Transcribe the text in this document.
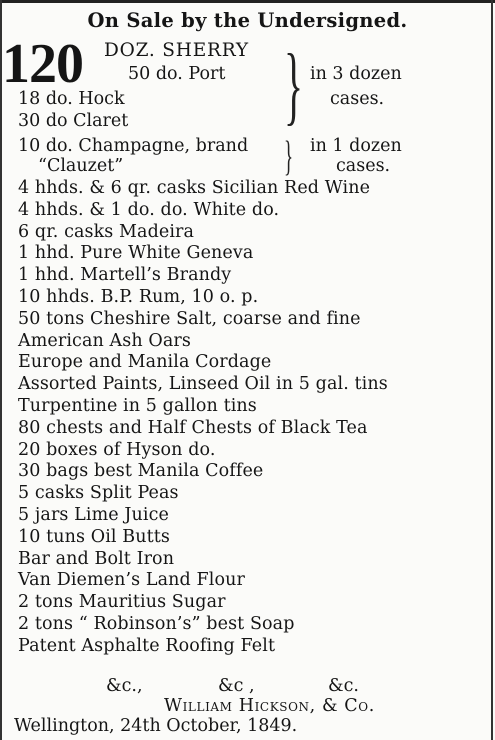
On Sale by the Undersigned.
120 DOZ. SHERRY
50 do. Port
18 do. Hock
30 do Claret } in 3 dozen
cases.
10 do. Champagne, brand
“Clauzet”	} in 1 dozen
cases.
4 hhds. & 6 qr. casks Sicilian Red Wine
4 hhds. & 1 do. do. White do.
6 qr. casks Madeira
1 hhd. Pure White Geneva
1 hhd. Martell’s Brandy
10 hhds. B.P. Rum, 10 o. p.
50 tons Cheshire Salt, coarse and fine
American Ash Oars
Europe and Manila Cordage
Assorted Paints, Linseed Oil in 5 gal. tins
Turpentine in 5 gallon tins
80 chests and Half Chests of Black Tea
20 boxes of Hyson do.
30 bags best Manila Coffee
5 casks Split Peas
5 jars Lime Juice
10 tuns Oil Butts
Bar and Bolt Iron
Van Diemen’s Land Flour
2 tons Mauritius Sugar
2 tons “ Robinson’s” best Soap
Patent Asphalte Roofing Felt
&c.,	&c ,	&c.
William Hickson, & Co.
Wellington, 24th October, 1849.
